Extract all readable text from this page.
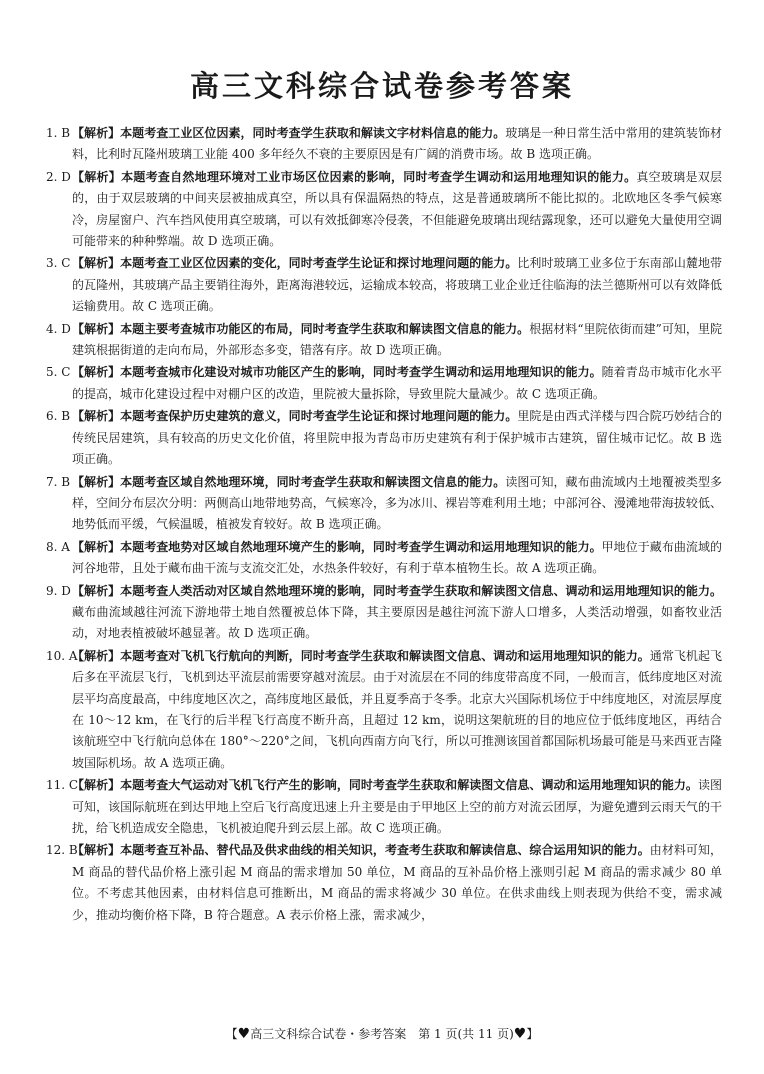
高三文科综合试卷参考答案
1. B 【解析】本题考查工业区位因素，同时考查学生获取和解读文字材料信息的能力。玻璃是一种日常生活中常用的建筑装饰材料，比利时瓦隆州玻璃工业能 400 多年经久不衰的主要原因是有广阔的消费市场。故 B 选项正确。
2. D 【解析】本题考查自然地理环境对工业市场区位因素的影响，同时考查学生调动和运用地理知识的能力。真空玻璃是双层的，由于双层玻璃的中间夹层被抽成真空，所以具有保温隔热的特点，这是普通玻璃所不能比拟的。北欧地区冬季气候寒冷，房屋窗户、汽车挡风使用真空玻璃，可以有效抵御寒冷侵袭，不但能避免玻璃出现结露现象，还可以避免大量使用空调可能带来的种种弊端。故 D 选项正确。
3. C 【解析】本题考查工业区位因素的变化，同时考查学生论证和探讨地理问题的能力。比利时玻璃工业多位于东南部山麓地带的瓦隆州，其玻璃产品主要销往海外，距离海港较远，运输成本较高，将玻璃工业企业迁往临海的法兰德斯州可以有效降低运输费用。故 C 选项正确。
4. D 【解析】本题主要考查城市功能区的布局，同时考查学生获取和解读图文信息的能力。根据材料“里院依街而建”可知，里院建筑根据街道的走向布局，外部形态多变，错落有序。故 D 选项正确。
5. C 【解析】本题考查城市化建设对城市功能区产生的影响，同时考查学生调动和运用地理知识的能力。随着青岛市城市化水平的提高，城市化建设过程中对棚户区的改造，里院被大量拆除，导致里院大量减少。故 C 选项正确。
6. B 【解析】本题考查保护历史建筑的意义，同时考查学生论证和探讨地理问题的能力。里院是由西式洋楼与四合院巧妙结合的传统民居建筑，具有较高的历史文化价值，将里院申报为青岛市历史建筑有利于保护城市古建筑，留住城市记忆。故 B 选项正确。
7. B 【解析】本题考查区域自然地理环境，同时考查学生获取和解读图文信息的能力。读图可知，藏布曲流域内土地覆被类型多样，空间分布层次分明：两侧高山地带地势高，气候寒冷，多为冰川、裸岩等难利用土地；中部河谷、漫滩地带海拔较低、地势低而平缓，气候温暖，植被发育较好。故 B 选项正确。
8. A 【解析】本题考查地势对区域自然地理环境产生的影响，同时考查学生调动和运用地理知识的能力。甲地位于藏布曲流域的河谷地带，且处于藏布曲干流与支流交汇处，水热条件较好，有利于草本植物生长。故 A 选项正确。
9. D 【解析】本题考查人类活动对区域自然地理环境的影响，同时考查学生获取和解读图文信息、调动和运用地理知识的能力。藏布曲流域越往河流下游地带土地自然覆被总体下降，其主要原因是越往河流下游人口增多，人类活动增强，如畜牧业活动，对地表植被破坏越显著。故 D 选项正确。
10. A
【解析】本题考查对飞机飞行航向的判断，同时考查学生获取和解读图文信息、调动和运用地理知识的能力。通常飞机起飞后多在平流层飞行，飞机到达平流层前需要穿越对流层。由于对流层在不同的纬度带高度不同，一般而言，低纬度地区对流层平均高度最高，中纬度地区次之，高纬度地区最低，并且夏季高于冬季。北京大兴国际机场位于中纬度地区，对流层厚度在 10～12 km，在飞行的后半程飞行高度不断升高，且超过 12 km，说明这架航班的目的地应位于低纬度地区，再结合该航班空中飞行航向总体在 180°～220°之间，飞机向西南方向飞行，所以可推测该国首都国际机场最可能是马来西亚吉隆坡国际机场。故 A 选项正确。
11. C
【解析】本题考查大气运动对飞机飞行产生的影响，同时考查学生获取和解读图文信息、调动和运用地理知识的能力。读图可知，该国际航班在到达甲地上空后飞行高度迅速上升主要是由于甲地区上空的前方对流云团厚，为避免遭到云雨天气的干扰，给飞机造成安全隐患，飞机被迫爬升到云层上部。故 C 选项正确。
12. B
【解析】本题考查互补品、替代品及供求曲线的相关知识，考查考生获取和解读信息、综合运用知识的能力。由材料可知，M 商品的替代品价格上涨引起 M 商品的需求增加 50 单位，M 商品的互补品价格上涨则引起 M 商品的需求减少 80 单位。不考虑其他因素，由材料信息可推断出，M 商品的需求将减少 30 单位。在供求曲线上则表现为供给不变，需求减少，推动均衡价格下降，B 符合题意。A 表示价格上涨，需求减少，
【♥高三文科综合试卷・参考答案　第 1 页(共 11 页)♥】
